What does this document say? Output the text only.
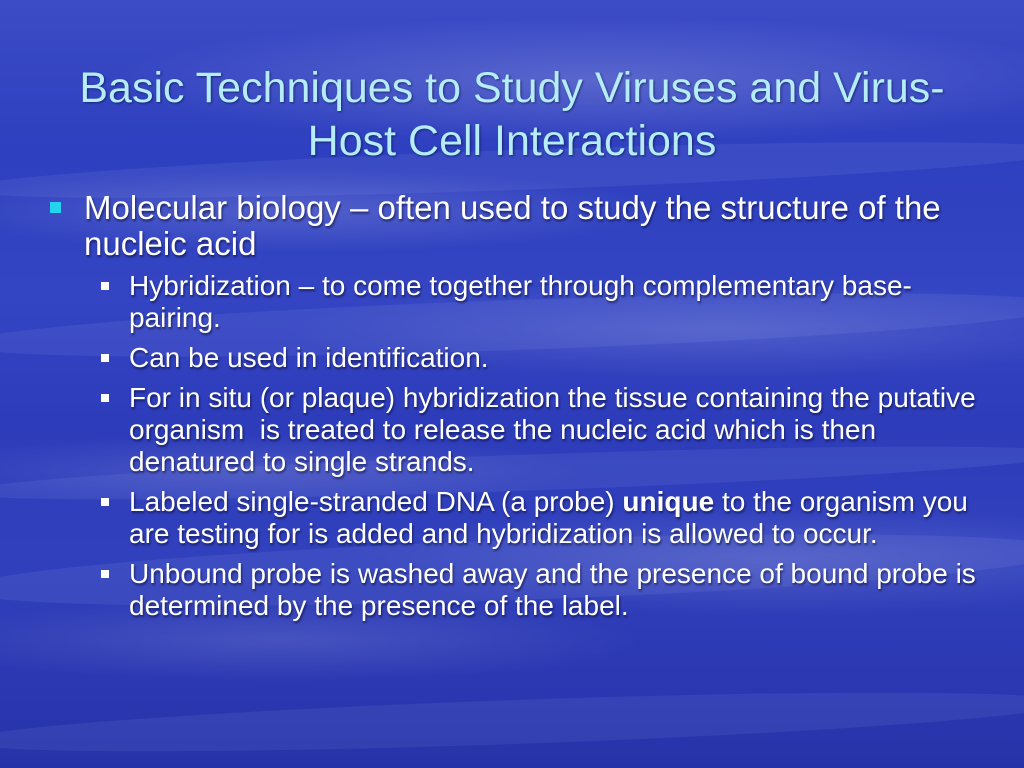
Basic Techniques to Study Viruses and Virus-Host Cell Interactions
Molecular biology – often used to study the structure of the nucleic acid
Hybridization – to come together through complementary base-pairing.
Can be used in identification.
For in situ (or plaque) hybridization the tissue containing the putative organism  is treated to release the nucleic acid which is then denatured to single strands.
Labeled single-stranded DNA (a probe) unique to the organism you are testing for is added and hybridization is allowed to occur.
Unbound probe is washed away and the presence of bound probe is determined by the presence of the label.
